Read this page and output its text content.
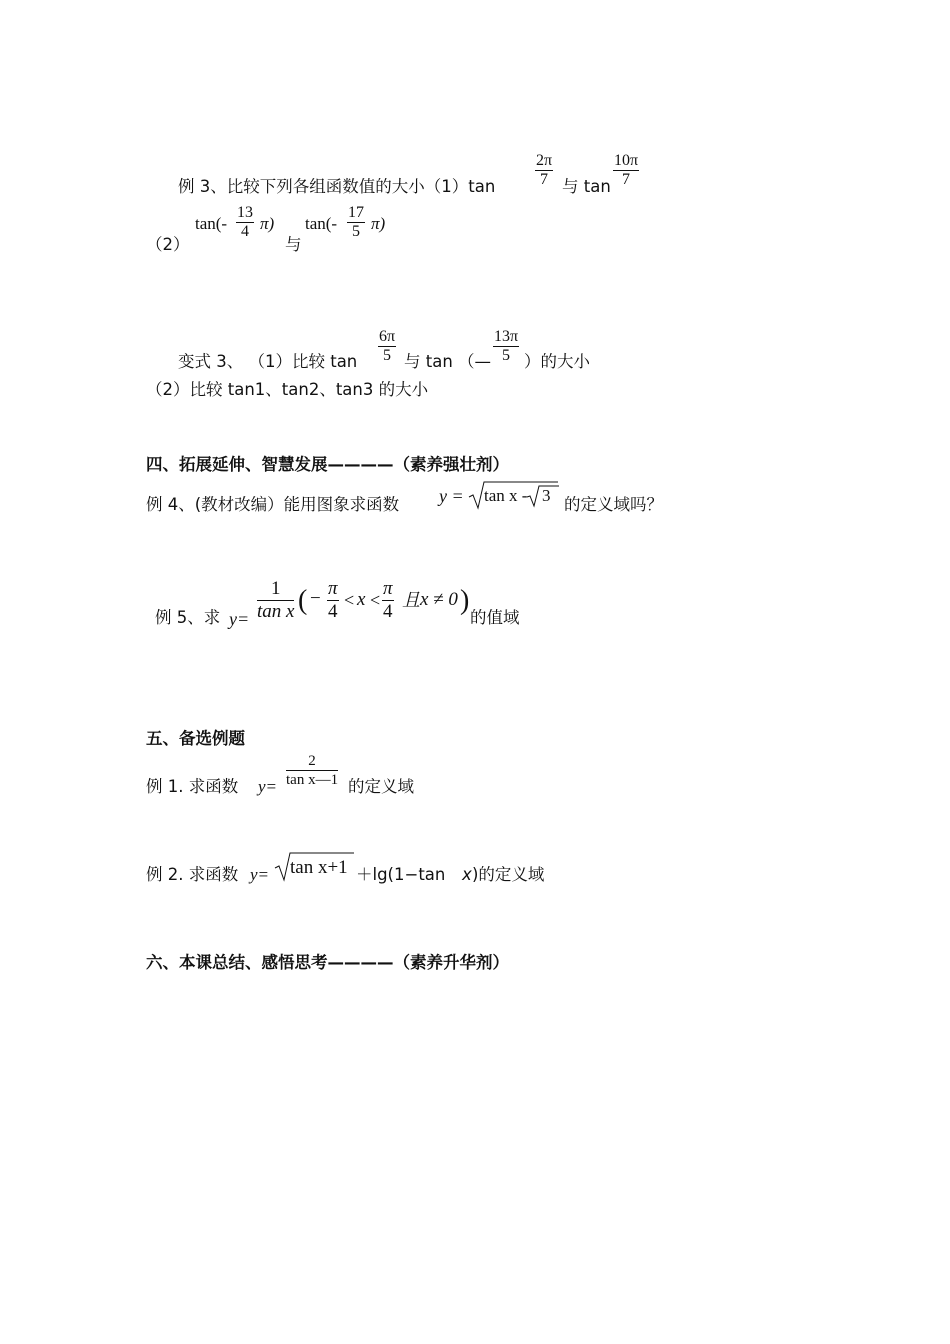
例 3、比较下列各组函数值的大小$(1)\tan \frac{2\pi}{7}$ 与 $\tan \frac{10\pi}{7}$
（2）
$\tan(- \frac{13}{4} \pi)$
与
$\tan(- \frac{17}{5} \pi)$
变式 3、 （1）比较 $\tan \frac{6\pi}{5}$ 与 tan （— $\frac{13\pi}{5}$ ）的大小
（2）比较 tan1、tan2、tan3 的大小
四、拓展延伸、智慧发展————（素养强壮剂）
例 4、(教材改编）能用图象求函数 y = tan x - 3 的定义域吗？
例 5、求 $y= \frac{1}{\text{tan x}}$ ( − $\frac{\pi}{4} < x < \frac{\pi}{4}$ 且 x ≠ 0 )
的值域
五、备选例题
例 1. 求函数 $y= \frac{2}{\text{tan x—1}}$ 的定义域
例 2. 求函数 y= tan x+1 ＋lg(1−tan x )的定义域
六、本课总结、感悟思考————（素养升华剂）
